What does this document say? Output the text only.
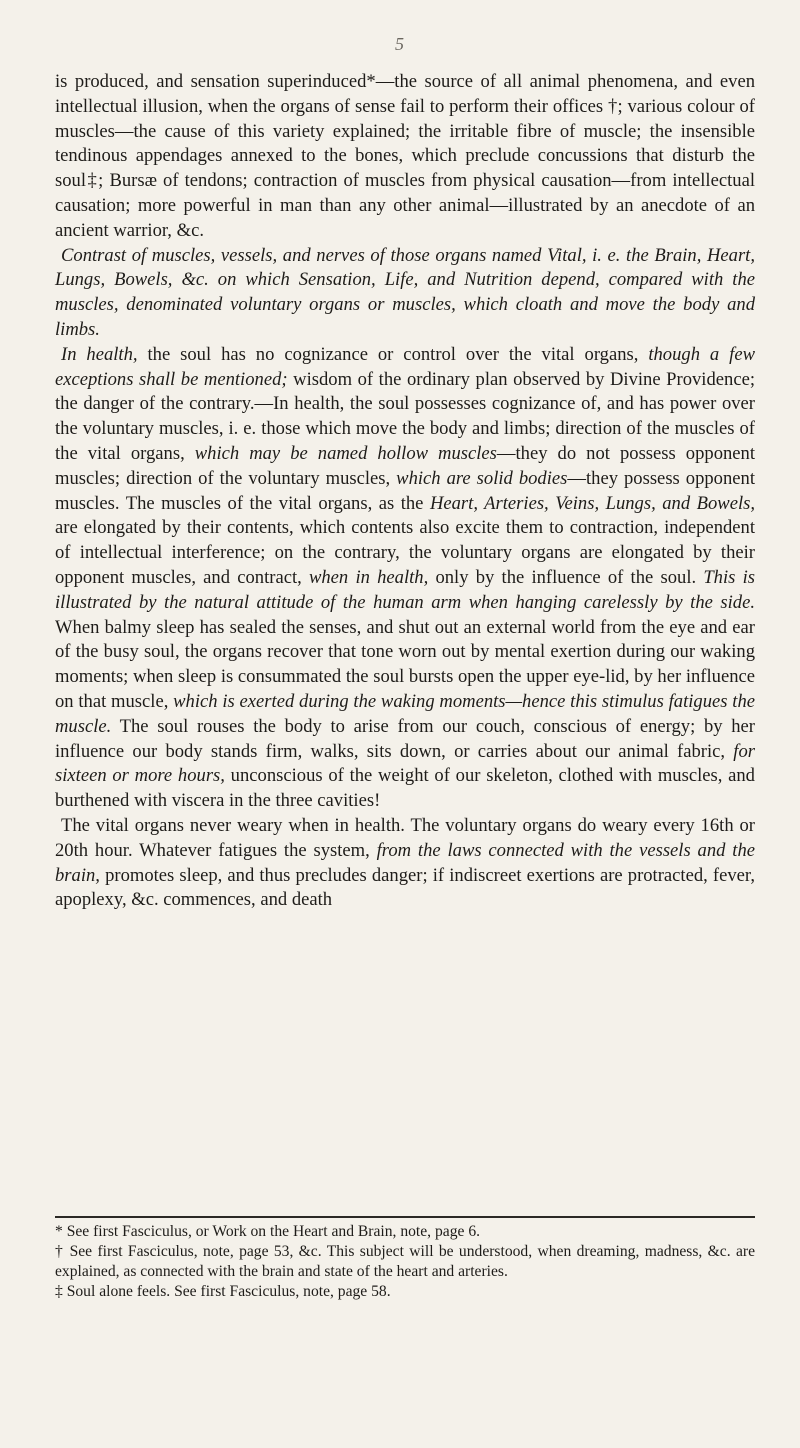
5

is produced, and sensation superinduced*—the source of all animal phenomena, and even intellectual illusion, when the organs of sense fail to perform their offices †; various colour of muscles—the cause of this variety explained; the irritable fibre of muscle; the insensible tendinous appendages annexed to the bones, which preclude concussions that disturb the soul‡; Bursæ of tendons; contraction of muscles from physical causation—from intellectual causation; more powerful in man than any other animal—illustrated by an anecdote of an ancient warrior, &c.

Contrast of muscles, vessels, and nerves of those organs named Vital, i. e. the Brain, Heart, Lungs, Bowels, &c. on which Sensation, Life, and Nutrition depend, compared with the muscles, denominated voluntary organs or muscles, which cloath and move the body and limbs.

In health, the soul has no cognizance or control over the vital organs, though a few exceptions shall be mentioned; wisdom of the ordinary plan observed by Divine Providence; the danger of the contrary.—In health, the soul possesses cognizance of, and has power over the voluntary muscles, i. e. those which move the body and limbs; direction of the muscles of the vital organs, which may be named hollow muscles—they do not possess opponent muscles; direction of the voluntary muscles, which are solid bodies—they possess opponent muscles. The muscles of the vital organs, as the Heart, Arteries, Veins, Lungs, and Bowels, are elongated by their contents, which contents also excite them to contraction, independent of intellectual interference; on the contrary, the voluntary organs are elongated by their opponent muscles, and contract, when in health, only by the influence of the soul. This is illustrated by the natural attitude of the human arm when hanging carelessly by the side. When balmy sleep has sealed the senses, and shut out an external world from the eye and ear of the busy soul, the organs recover that tone worn out by mental exertion during our waking moments; when sleep is consummated the soul bursts open the upper eye-lid, by her influence on that muscle, which is exerted during the waking moments—hence this stimulus fatigues the muscle. The soul rouses the body to arise from our couch, conscious of energy; by her influence our body stands firm, walks, sits down, or carries about our animal fabric, for sixteen or more hours, unconscious of the weight of our skeleton, clothed with muscles, and burthened with viscera in the three cavities!

The vital organs never weary when in health. The voluntary organs do weary every 16th or 20th hour. Whatever fatigues the system, from the laws connected with the vessels and the brain, promotes sleep, and thus precludes danger; if indiscreet exertions are protracted, fever, apoplexy, &c. commences, and death

* See first Fasciculus, or Work on the Heart and Brain, note, page 6.

† See first Fasciculus, note, page 53, &c. This subject will be understood, when dreaming, madness, &c. are explained, as connected with the brain and state of the heart and arteries.

‡ Soul alone feels. See first Fasciculus, note, page 58.
